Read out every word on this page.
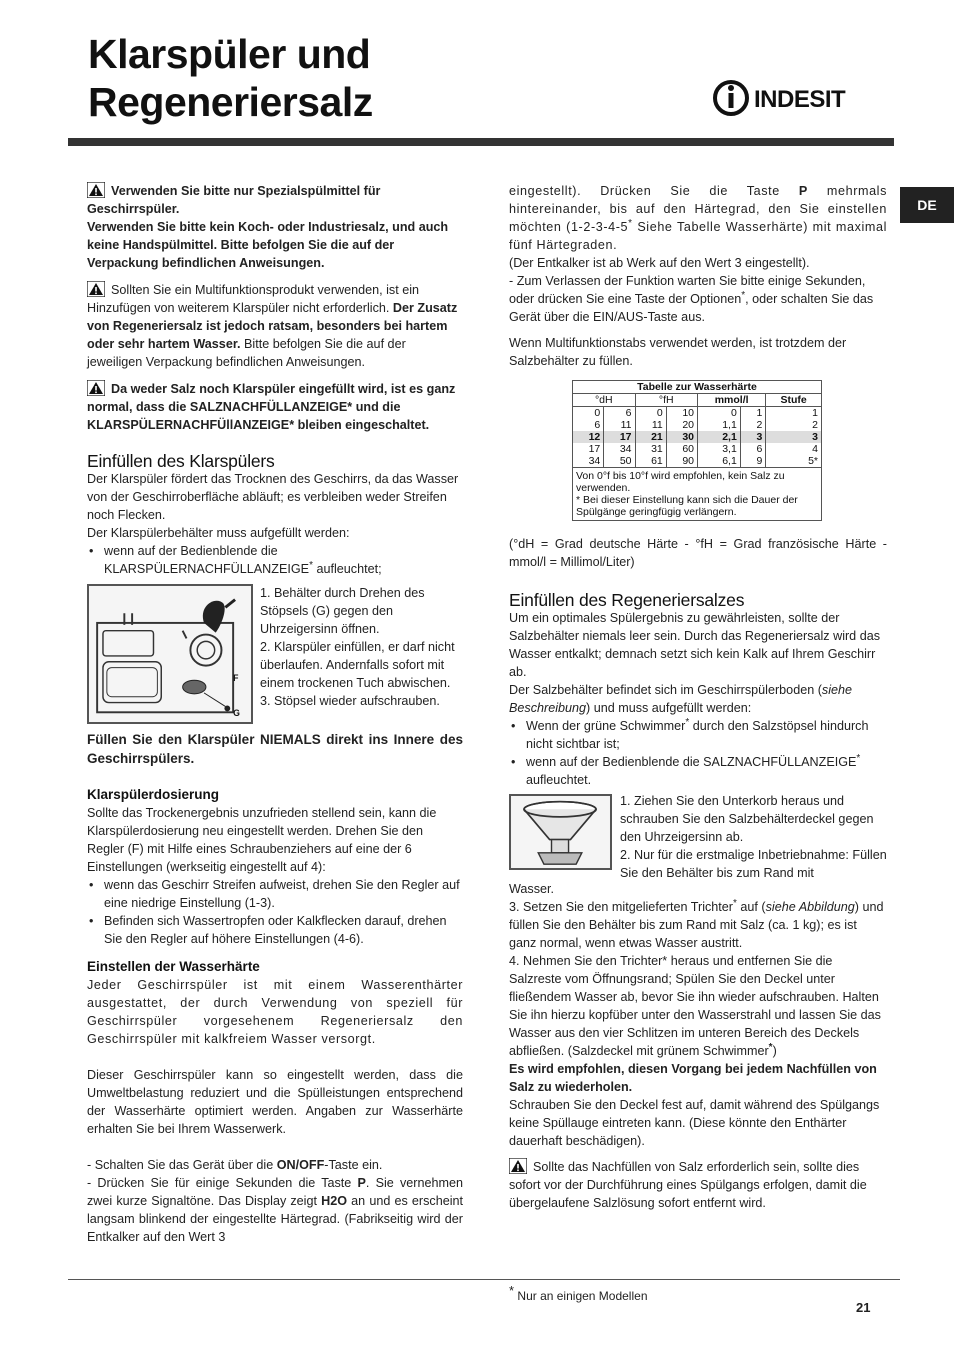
Klarspüler und
Regeneriersalz	INDESIT
DE

Verwenden Sie bitte nur Spezialspülmittel für Geschirrspüler.
Verwenden Sie bitte kein Koch- oder Industriesalz, und auch keine Handspülmittel. Bitte befolgen Sie die auf der Verpackung befindlichen Anweisungen.

Sollten Sie ein Multifunktionsprodukt verwenden, ist ein Hinzufügen von weiterem Klarspüler nicht erforderlich. Der Zusatz von Regeneriersalz ist jedoch ratsam, besonders bei hartem oder sehr hartem Wasser. Bitte befolgen Sie die auf der jeweiligen Verpackung befindlichen Anweisungen.

Da weder Salz noch Klarspüler eingefüllt wird, ist es ganz normal, dass die SALZNACHFÜLLANZEIGE* und die KLARSPÜLERNACHFÜllANZEIGE* bleiben eingeschaltet.

Einfüllen des Klarspülers

Der Klarspüler fördert das Trocknen des Geschirrs, da das Wasser von der Geschirroberfläche abläuft; es verbleiben weder Streifen noch Flecken.

Der Klarspülerbehälter muss aufgefüllt werden:

• wenn auf der Bedienblende die KLARSPÜLERNACHFÜLLANZEIGE* aufleuchtet;
F
G

1. Behälter durch Drehen des Stöpsels (G) gegen den Uhrzeigersinn öffnen.

2. Klarspüler einfüllen, er darf nicht überlaufen. Andernfalls sofort mit einem trockenen Tuch abwischen.

3. Stöpsel wieder aufschrauben.

Füllen Sie den Klarspüler NIEMALS direkt ins Innere des Geschirrspülers.

Klarspülerdosierung

Sollte das Trockenergebnis unzufrieden stellend sein, kann die Klarspülerdosierung neu eingestellt werden. Drehen Sie den Regler (F) mit Hilfe eines Schraubenziehers auf eine der 6 Einstellungen (werkseitig eingestellt auf 4):

• wenn das Geschirr Streifen aufweist, drehen Sie den Regler auf eine niedrige Einstellung (1-3).
• Befinden sich Wassertropfen oder Kalkflecken darauf, drehen Sie den Regler auf höhere Einstellungen (4-6).
Einstellen der Wasserhärte

Jeder Geschirrspüler ist mit einem Wasserenthärter ausgestattet, der durch Verwendung von speziell für Geschirrspüler vorgesehenem Regeneriersalz den Geschirrspüler mit kalkfreiem Wasser versorgt.

Dieser Geschirrspüler kann so eingestellt werden, dass die Umweltbelastung reduziert und die Spülleistungen entsprechend der Wasserhärte optimiert werden. Angaben zur Wasserhärte erhalten Sie bei Ihrem Wasserwerk.

- Schalten Sie das Gerät über die ON/OFF-Taste ein.

- Drücken Sie für einige Sekunden die Taste P. Sie vernehmen zwei kurze Signaltöne. Das Display zeigt H2O an und es erscheint langsam blinkend der eingestellte Härtegrad. (Fabrikseitig wird der Entkalker auf den Wert 3

eingestellt). Drücken Sie die Taste P mehrmals hintereinander, bis auf den Härtegrad, den Sie einstellen möchten (1-2-3-4-5* Siehe Tabelle Wasserhärte) mit maximal fünf Härtegraden.

(Der Entkalker ist ab Werk auf den Wert 3 eingestellt).

- Zum Verlassen der Funktion warten Sie bitte einige Sekunden, oder drücken Sie eine Taste der Optionen*, oder schalten Sie das Gerät über die EIN/AUS-Taste aus.

Wenn Multifunktionstabs verwendet werden, ist trotzdem der Salzbehälter zu füllen.

Tabelle zur Wasserhärte						
°dH		°fH		mmol/l		Stufe
0	6	0	10	0	1	1
6	11	11	20	1,1	2	2
12	17	21	30	2,1	3	3
17	34	31	60	3,1	6	4
34	50	61	90	6,1	9	5*
Von 0°f bis 10°f wird empfohlen, kein Salz zu verwenden.
* Bei dieser Einstellung kann sich die Dauer der Spülgänge geringfügig verlängern.						

(°dH = Grad deutsche Härte - °fH = Grad französische Härte - mmol/l = Millimol/Liter)

Einfüllen des Regeneriersalzes

Um ein optimales Spülergebnis zu gewährleisten, sollte der Salzbehälter niemals leer sein. Durch das Regeneriersalz wird das Wasser entkalkt; demnach setzt sich kein Kalk auf Ihrem Geschirr ab.

Der Salzbehälter befindet sich im Geschirrspülerboden (siehe Beschreibung) und muss aufgefüllt werden:

• Wenn der grüne Schwimmer* durch den Salzstöpsel hindurch nicht sichtbar ist;
• wenn auf der Bedienblende die SALZNACHFÜLLANZEIGE* aufleuchtet.

1. Ziehen Sie den Unterkorb heraus und schrauben Sie den Salzbehälterdeckel gegen den Uhrzeigersinn ab.

2. Nur für die erstmalige Inbetriebnahme: Füllen Sie den Behälter bis zum Rand mit

Wasser.

3. Setzen Sie den mitgelieferten Trichter* auf (siehe Abbildung) und füllen Sie den Behälter bis zum Rand mit Salz (ca. 1 kg); es ist ganz normal, wenn etwas Wasser austritt.

4. Nehmen Sie den Trichter* heraus und entfernen Sie die Salzreste vom Öffnungsrand; Spülen Sie den Deckel unter fließendem Wasser ab, bevor Sie ihn wieder aufschrauben. Halten Sie ihn hierzu kopfüber unter den Wasserstrahl und lassen Sie das Wasser aus den vier Schlitzen im unteren Bereich des Deckels abfließen. (Salzdeckel mit grünem Schwimmer*)

Es wird empfohlen, diesen Vorgang bei jedem Nachfüllen von Salz zu wiederholen.

Schrauben Sie den Deckel fest auf, damit während des Spülgangs keine Spüllauge eintreten kann. (Diese könnte den Enthärter dauerhaft beschädigen).

Sollte das Nachfüllen von Salz erforderlich sein, sollte dies sofort vor der Durchführung eines Spülgangs erfolgen, damit die übergelaufene Salzlösung sofort entfernt wird.

* Nur an einigen Modellen
21
